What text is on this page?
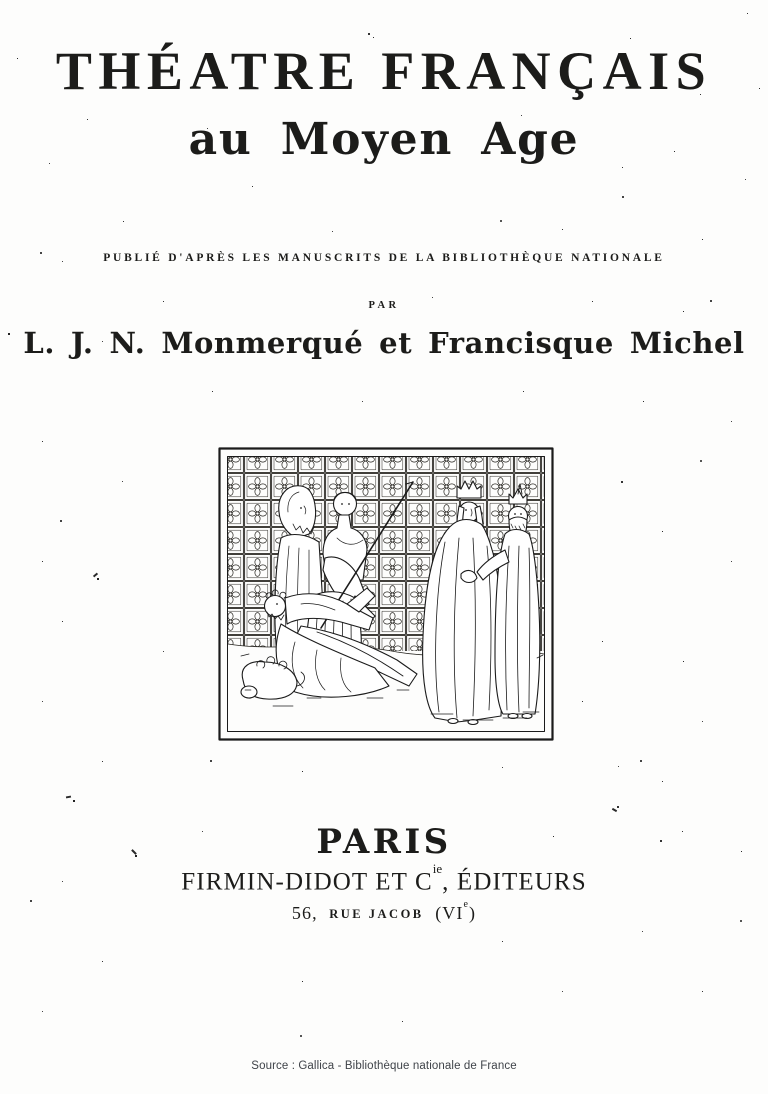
THÉATRE FRANÇAIS
au Moyen Age
PUBLIÉ D'APRÈS LES MANUSCRITS DE LA BIBLIOTHÈQUE NATIONALE
PAR
L. J. N. Monmerqué et Francisque Michel
PARIS
FIRMIN-DIDOT ET $C^{ie}$, ÉDITEURS
56, RUE JACOB (VIe)
Source : Gallica - Bibliothèque nationale de France
